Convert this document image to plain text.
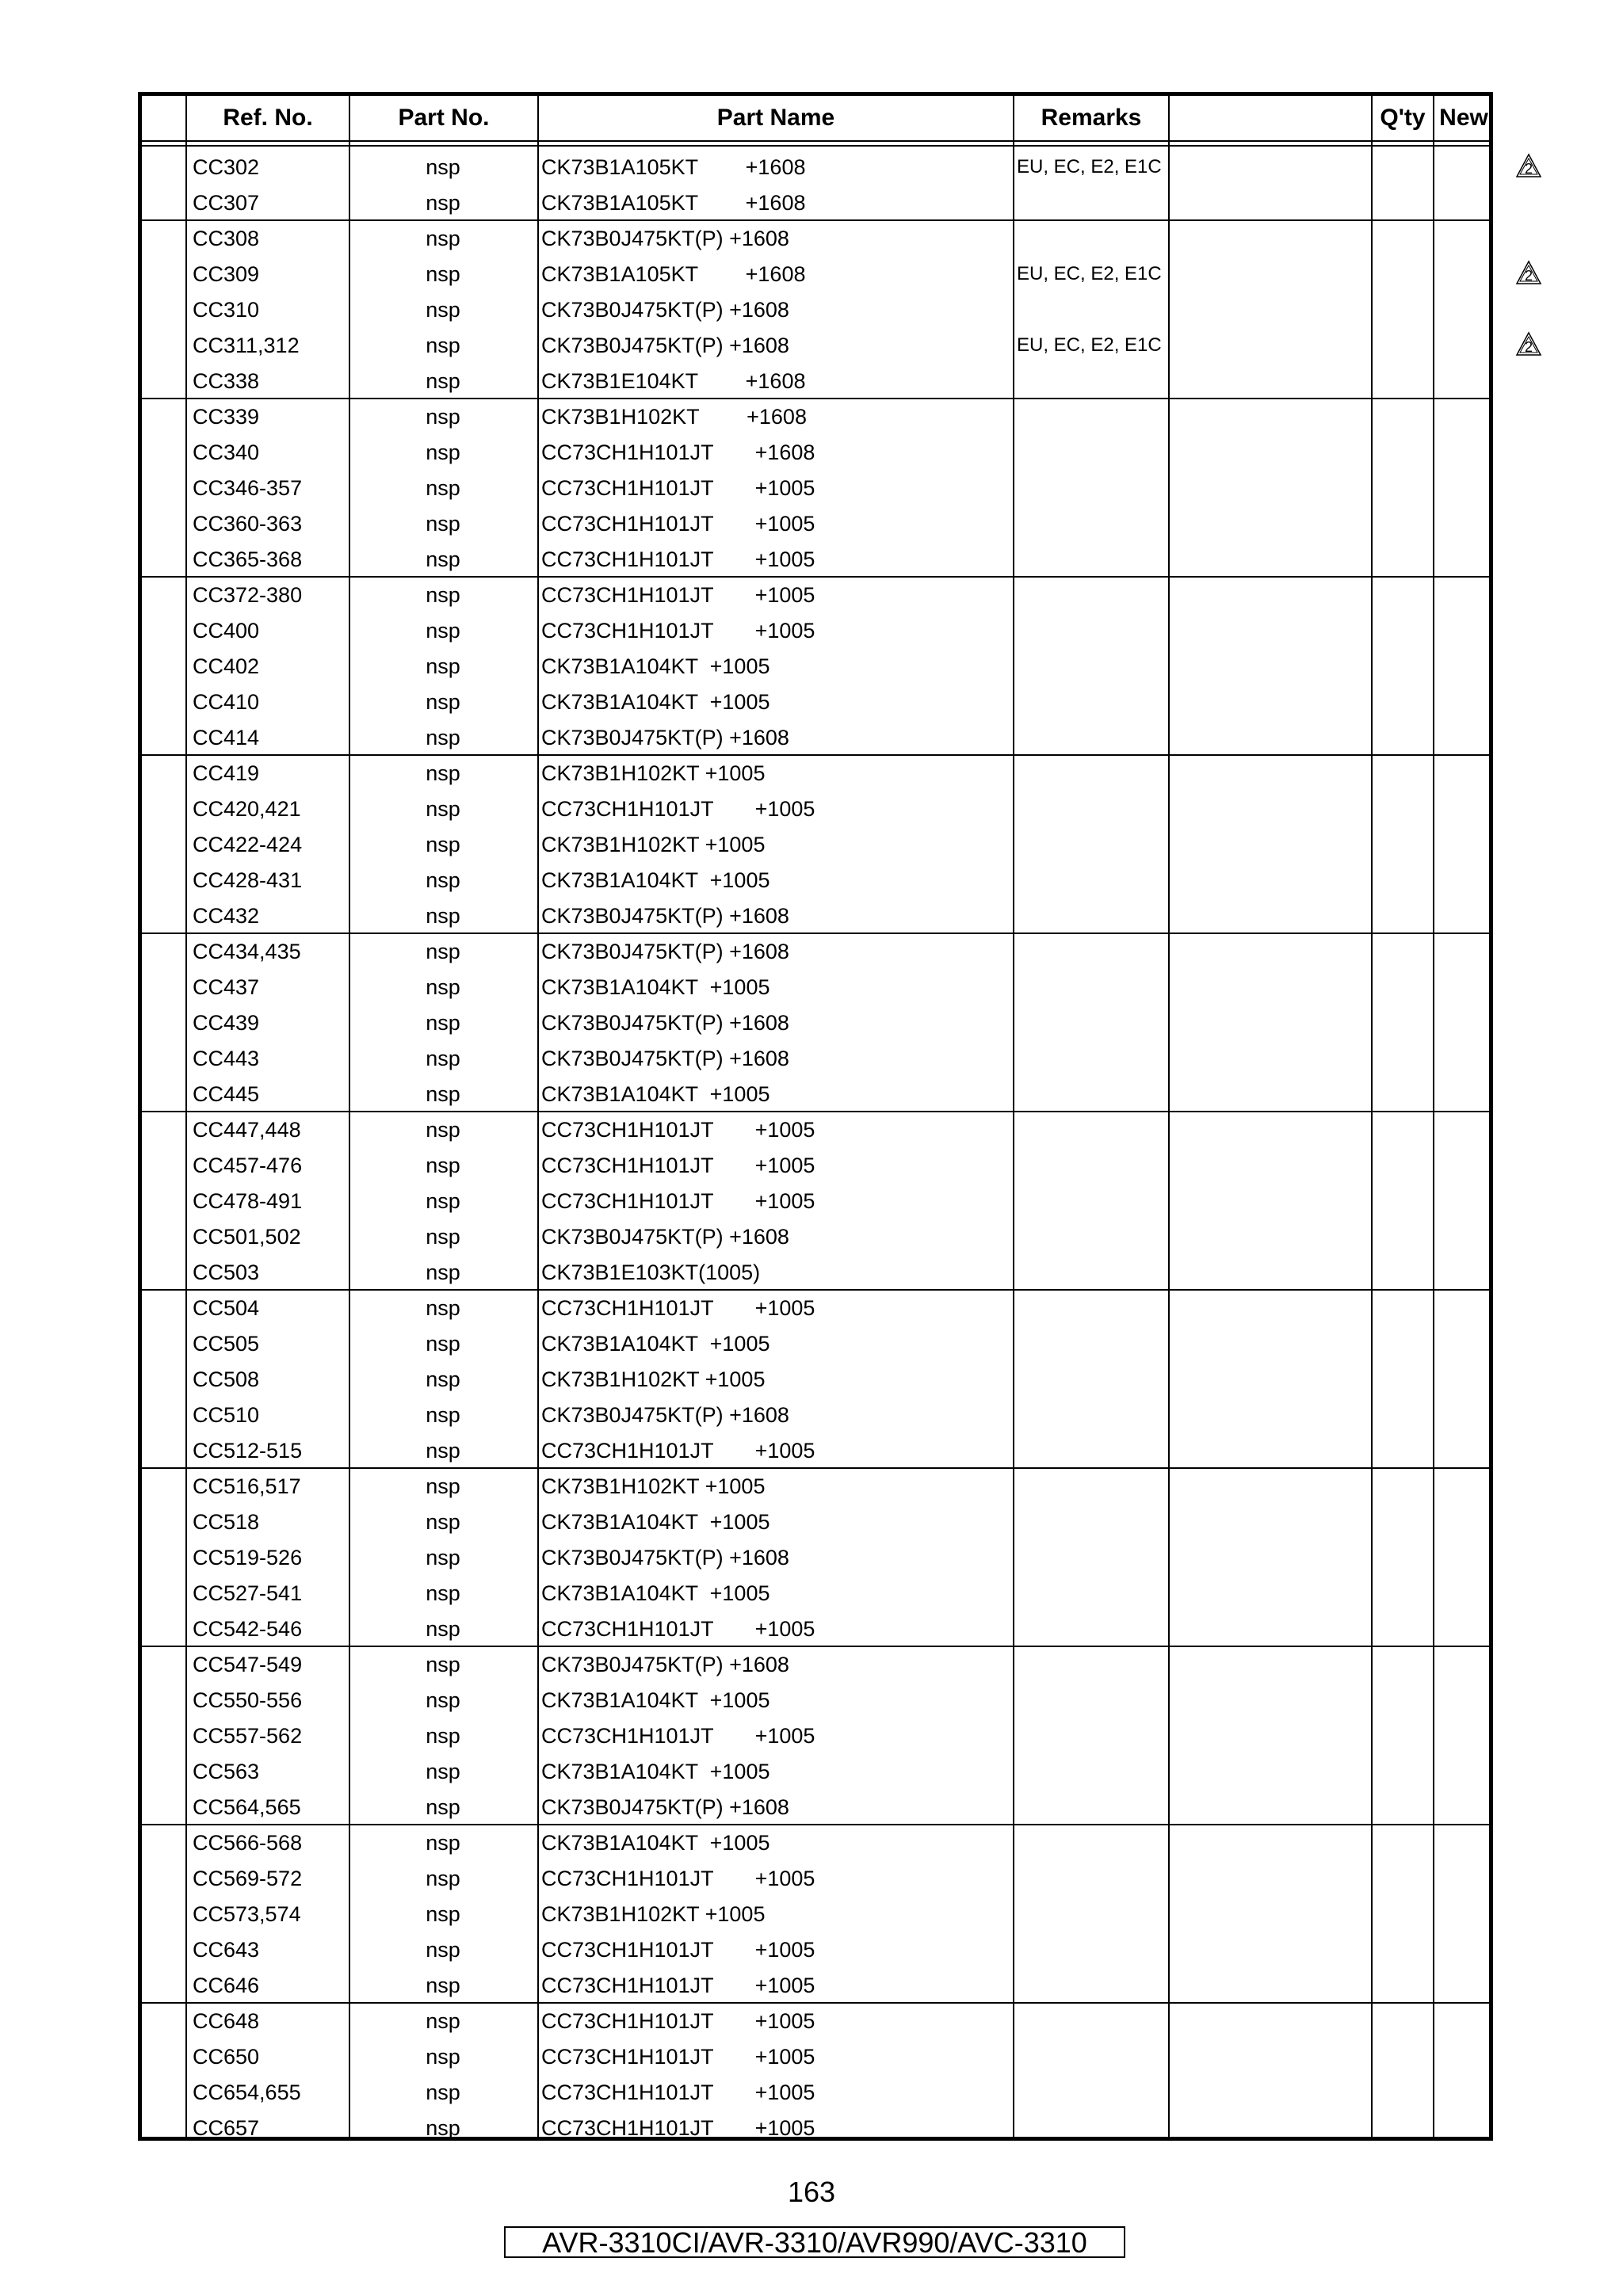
Ref. No.	Part No.	Part Name	Remarks	Q'ty New
CC302	nsp	CK73B1A105KT        +1608	EU, EC, E2, E1C
CC307	nsp	CK73B1A105KT        +1608
CC308	nsp	CK73B0J475KT(P) +1608
CC309	nsp	CK73B1A105KT        +1608	EU, EC, E2, E1C
CC310	nsp	CK73B0J475KT(P) +1608
CC311,312	nsp	CK73B0J475KT(P) +1608	EU, EC, E2, E1C
CC338	nsp	CK73B1E104KT        +1608
CC339	nsp	CK73B1H102KT        +1608
CC340	nsp	CC73CH1H101JT       +1608
CC346-357	nsp	CC73CH1H101JT       +1005
CC360-363	nsp	CC73CH1H101JT       +1005
CC365-368	nsp	CC73CH1H101JT       +1005
CC372-380	nsp	CC73CH1H101JT       +1005
CC400	nsp	CC73CH1H101JT       +1005
CC402	nsp	CK73B1A104KT  +1005
CC410	nsp	CK73B1A104KT  +1005
CC414	nsp	CK73B0J475KT(P) +1608
CC419	nsp	CK73B1H102KT +1005
CC420,421	nsp	CC73CH1H101JT       +1005
CC422-424	nsp	CK73B1H102KT +1005
CC428-431	nsp	CK73B1A104KT  +1005
CC432	nsp	CK73B0J475KT(P) +1608
CC434,435	nsp	CK73B0J475KT(P) +1608
CC437	nsp	CK73B1A104KT  +1005
CC439	nsp	CK73B0J475KT(P) +1608
CC443	nsp	CK73B0J475KT(P) +1608
CC445	nsp	CK73B1A104KT  +1005
CC447,448	nsp	CC73CH1H101JT       +1005
CC457-476	nsp	CC73CH1H101JT       +1005
CC478-491	nsp	CC73CH1H101JT       +1005
CC501,502	nsp	CK73B0J475KT(P) +1608
CC503	nsp	CK73B1E103KT(1005)
CC504	nsp	CC73CH1H101JT       +1005
CC505	nsp	CK73B1A104KT  +1005
CC508	nsp	CK73B1H102KT +1005
CC510	nsp	CK73B0J475KT(P) +1608
CC512-515	nsp	CC73CH1H101JT       +1005
CC516,517	nsp	CK73B1H102KT +1005
CC518	nsp	CK73B1A104KT  +1005
CC519-526	nsp	CK73B0J475KT(P) +1608
CC527-541	nsp	CK73B1A104KT  +1005
CC542-546	nsp	CC73CH1H101JT       +1005
CC547-549	nsp	CK73B0J475KT(P) +1608
CC550-556	nsp	CK73B1A104KT  +1005
CC557-562	nsp	CC73CH1H101JT       +1005
CC563	nsp	CK73B1A104KT  +1005
CC564,565	nsp	CK73B0J475KT(P) +1608
CC566-568	nsp	CK73B1A104KT  +1005
CC569-572	nsp	CC73CH1H101JT       +1005
CC573,574	nsp	CK73B1H102KT +1005
CC643	nsp	CC73CH1H101JT       +1005
CC646	nsp	CC73CH1H101JT       +1005
CC648	nsp	CC73CH1H101JT       +1005
CC650	nsp	CC73CH1H101JT       +1005
CC654,655	nsp	CC73CH1H101JT       +1005
CC657	nsp	CC73CH1H101JT       +1005
2
2
2
163
AVR-3310CI/AVR-3310/AVR990/AVC-3310
